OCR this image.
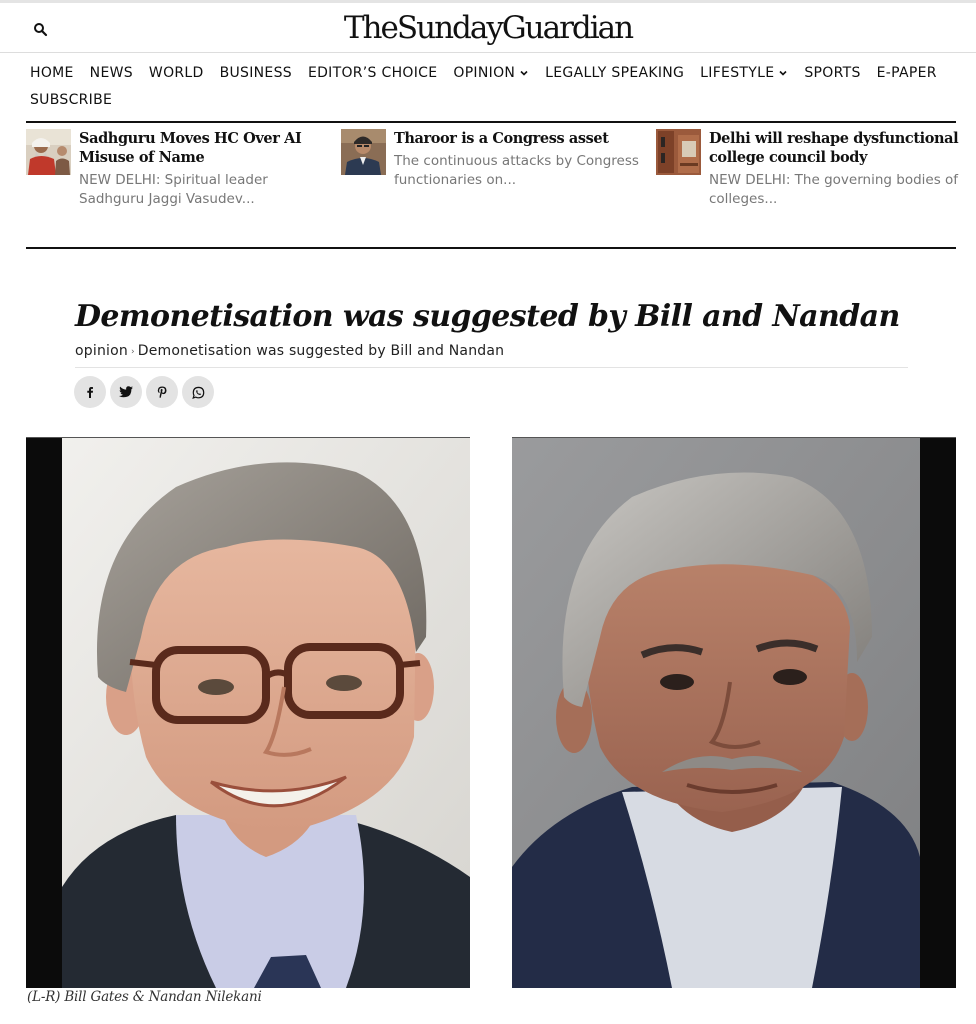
TheSundayGuardian
HOME NEWS WORLD BUSINESS EDITOR’S CHOICE OPINION LEGALLY SPEAKING LIFESTYLE SPORTS E-PAPER
SUBSCRIBE
Sadhguru Moves HC Over AI
Misuse of Name
NEW DELHI: Spiritual leader
Sadhguru Jaggi Vasudev...
Tharoor is a Congress asset
The continuous attacks by Congress
functionaries on...
Delhi will reshape dysfunctional
college council body
NEW DELHI: The governing bodies of
colleges...
Demonetisation was suggested by Bill and Nandan
opinion › Demonetisation was suggested by Bill and Nandan
(L-R) Bill Gates & Nandan Nilekani
